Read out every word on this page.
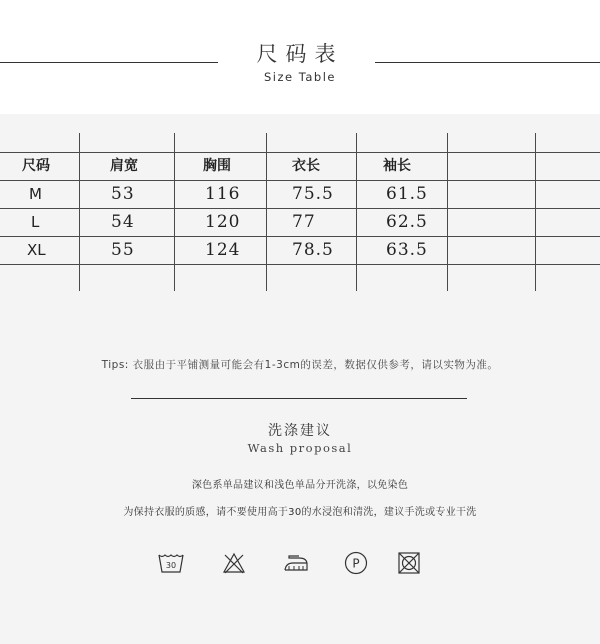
尺码表
Size Table
尺码	肩宽	胸围	衣长	袖长
M	53	116	75.5	61.5
L	54	120	77	62.5
XL	55	124	78.5	63.5
Tips: 衣服由于平铺测量可能会有1-3cm的误差，数据仅供参考，请以实物为准。
洗涤建议
Wash proposal
深色系单品建议和浅色单品分开洗涤，以免染色
为保持衣服的质感，请不要使用高于30的水浸泡和清洗，建议手洗或专业干洗
30	P
